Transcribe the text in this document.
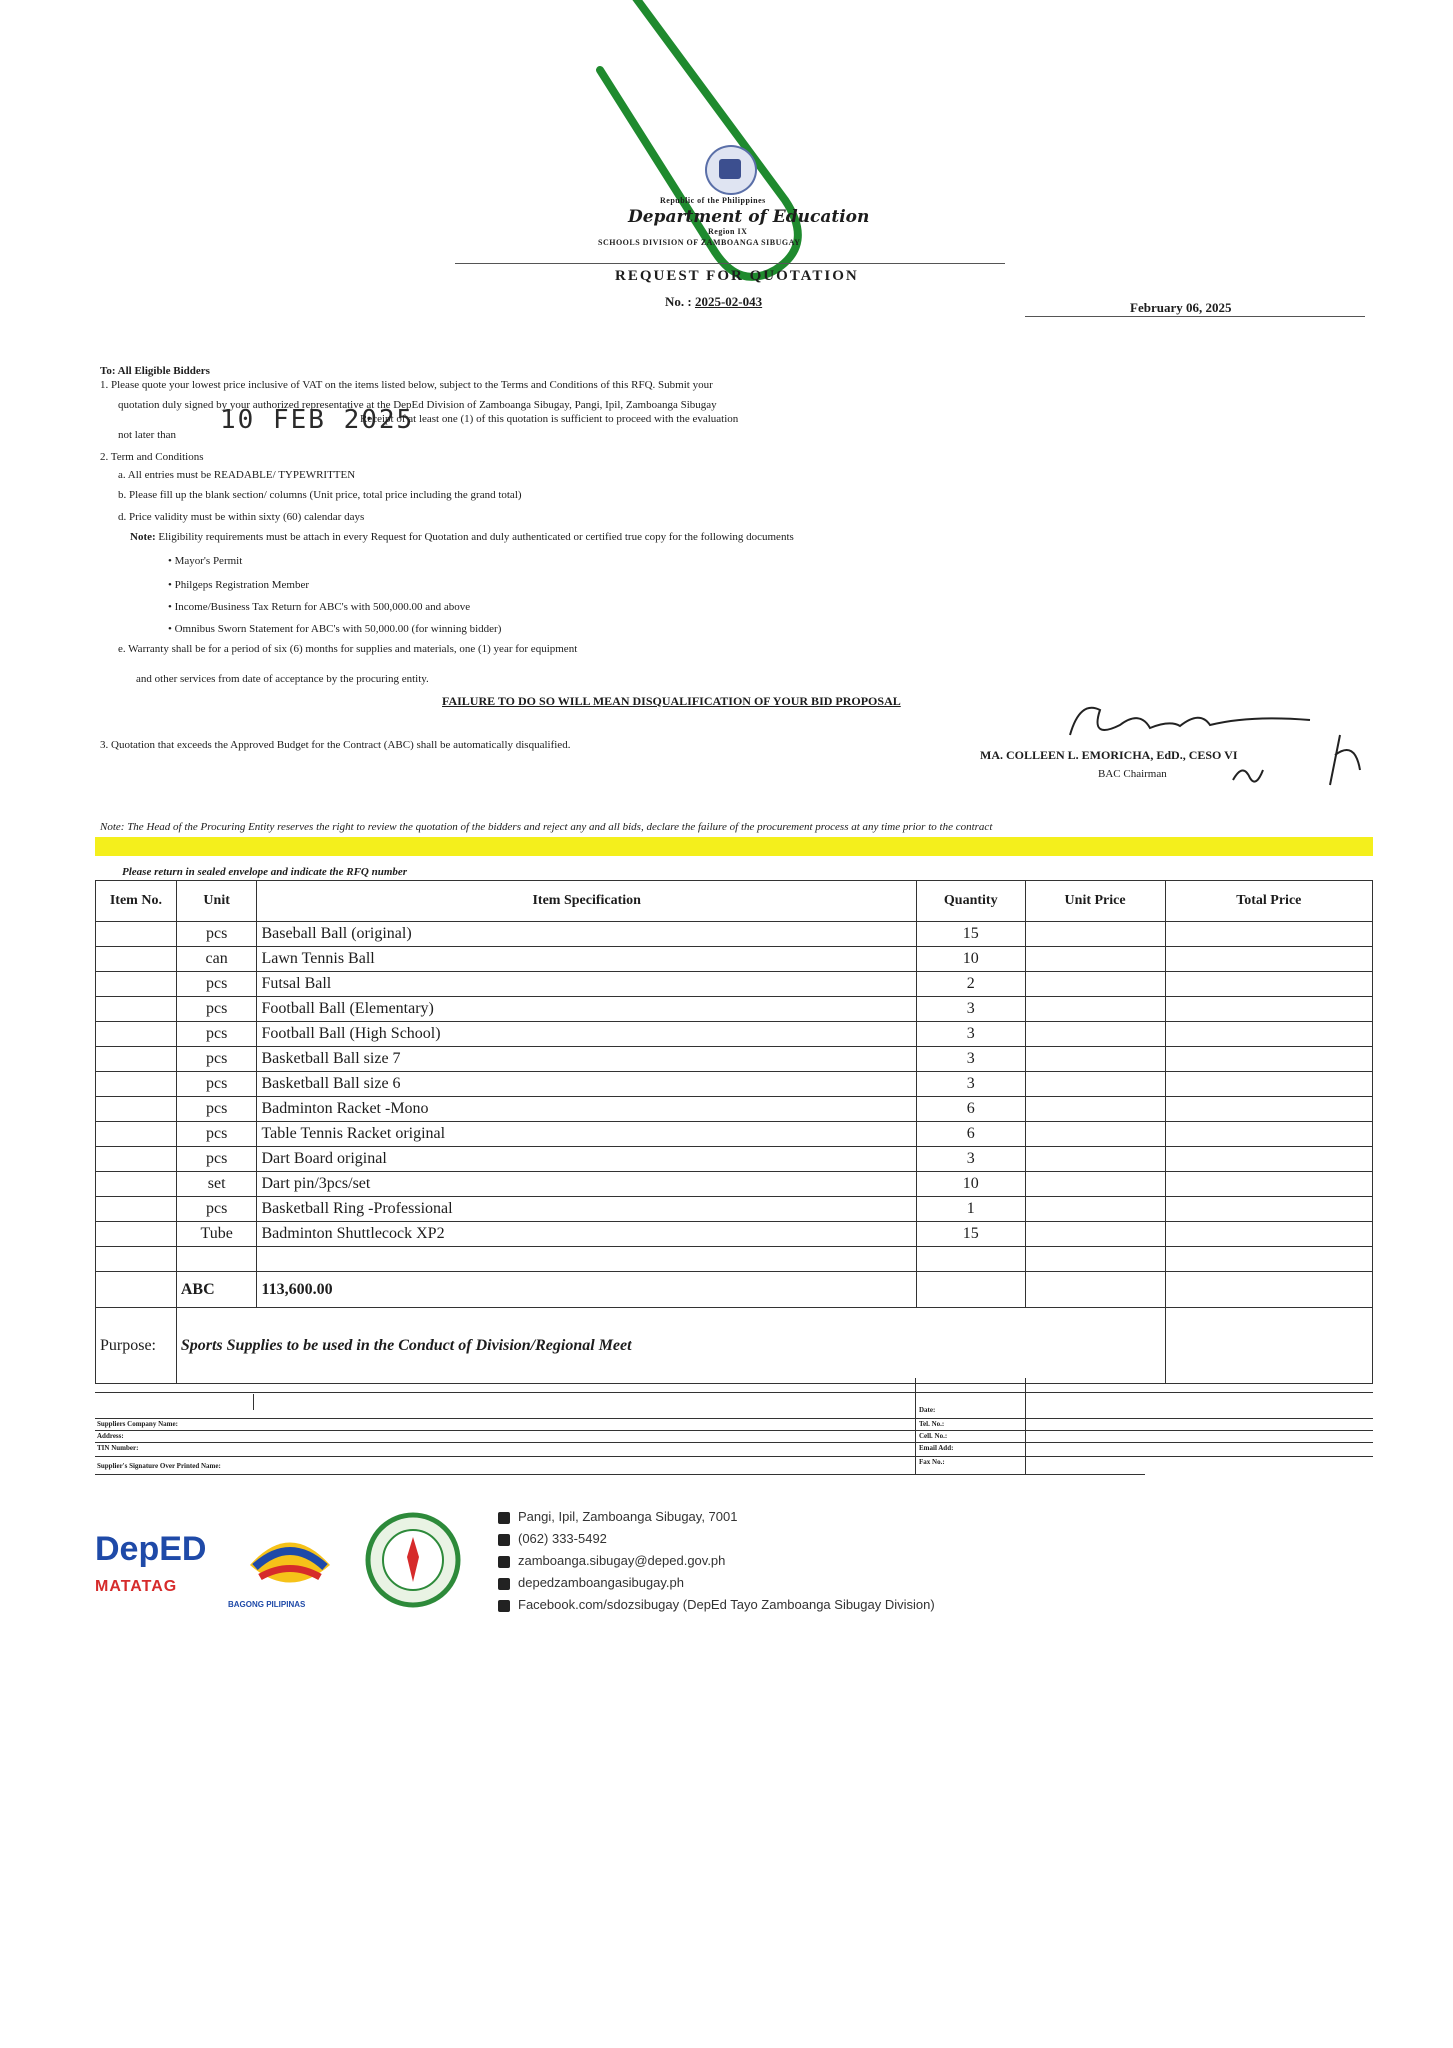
Republic of the Philippines
Department of Education
Region IX
SCHOOLS DIVISION OF ZAMBOANGA SIBUGAY
REQUEST FOR QUOTATION
No. : 2025-02-043	February 06, 2025
To: All Eligible Bidders
1. Please quote your lowest price inclusive of VAT on the items listed below, subject to the Terms and Conditions of this RFQ. Submit your
quotation duly signed by your authorized representative at the DepEd Division of Zamboanga Sibugay, Pangi, Ipil, Zamboanga Sibugay
not later than 10 FEB 2025
Receipt of at least one (1) of this quotation is sufficient to proceed with the evaluation
2. Term and Conditions
a. All entries must be READABLE/ TYPEWRITTEN
b. Please fill up the blank section/ columns (Unit price, total price including the grand total)
d. Price validity must be within sixty (60) calendar days
Note: Eligibility requirements must be attach in every Request for Quotation and duly authenticated or certified true copy for the following documents
• Mayor's Permit
• Philgeps Registration Member
• Income/Business Tax Return for ABC's with 500,000.00 and above
• Omnibus Sworn Statement for ABC's with 50,000.00 (for winning bidder)
e. Warranty shall be for a period of six (6) months for supplies and materials, one (1) year for equipment
and other services from date of acceptance by the procuring entity.
FAILURE TO DO SO WILL MEAN DISQUALIFICATION OF YOUR BID PROPOSAL
3. Quotation that exceeds the Approved Budget for the Contract (ABC) shall be automatically disqualified.
MA. COLLEEN L. EMORICHA, EdD., CESO VI
BAC Chairman
Note: The Head of the Procuring Entity reserves the right to review the quotation of the bidders and reject any and all bids, declare the failure of the procurement process at any time prior to the contract
Please return in sealed envelope and indicate the RFQ number
Item No.	Unit	Item Specification	Quantity	Unit Price	Total Price
	pcs	Baseball Ball (original)	15		
	can	Lawn Tennis Ball	10		
	pcs	Futsal Ball	2		
	pcs	Football Ball (Elementary)	3		
	pcs	Football Ball (High School)	3		
	pcs	Basketball Ball size 7	3		
	pcs	Basketball Ball size 6	3		
	pcs	Badminton Racket -Mono	6		
	pcs	Table Tennis Racket original	6		
	pcs	Dart Board original	3		
	set	Dart pin/3pcs/set	10		
	pcs	Basketball Ring -Professional	1		
	Tube	Badminton Shuttlecock XP2	15		

	ABC	113,600.00			
Purpose:	Sports Supplies to be used in the Conduct of Division/Regional Meet				
Suppliers Company Name:
Address:
TIN Number:
Supplier's Signature Over Printed Name:
Date:
Tel. No.:
Cell. No.:
Email Add:
Fax No.:
DepED
MATATAG
BAGONG PILIPINAS
Pangi, Ipil, Zamboanga Sibugay, 7001
(062) 333-5492
zamboanga.sibugay@deped.gov.ph
depedzamboangasibugay.ph
Facebook.com/sdozsibugay (DepEd Tayo Zamboanga Sibugay Division)
